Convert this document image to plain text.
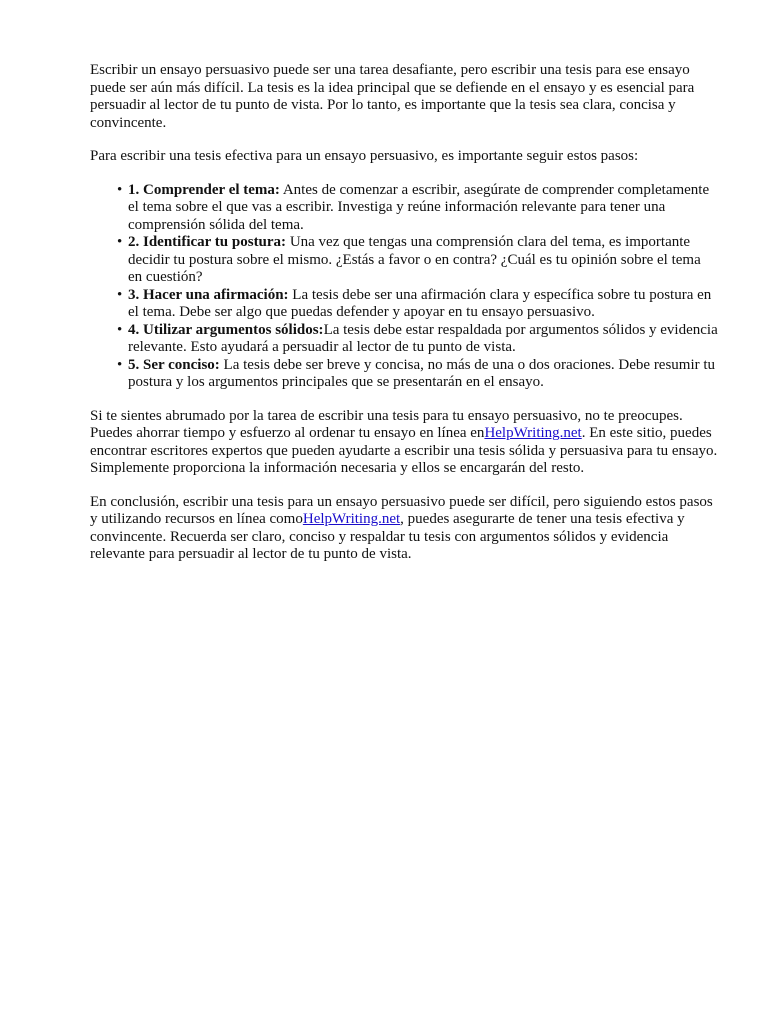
Escribir un ensayo persuasivo puede ser una tarea desafiante, pero escribir una tesis para ese ensayo puede ser aún más difícil. La tesis es la idea principal que se defiende en el ensayo y es esencial para persuadir al lector de tu punto de vista. Por lo tanto, es importante que la tesis sea clara, concisa y convincente.

Para escribir una tesis efectiva para un ensayo persuasivo, es importante seguir estos pasos:

• 1. Comprender el tema: Antes de comenzar a escribir, asegúrate de comprender completamente el tema sobre el que vas a escribir. Investiga y reúne información relevante para tener una comprensión sólida del tema.
• 2. Identificar tu postura: Una vez que tengas una comprensión clara del tema, es importante decidir tu postura sobre el mismo. ¿Estás a favor o en contra? ¿Cuál es tu opinión sobre el tema en cuestión?
• 3. Hacer una afirmación: La tesis debe ser una afirmación clara y específica sobre tu postura en el tema. Debe ser algo que puedas defender y apoyar en tu ensayo persuasivo.
• 4. Utilizar argumentos sólidos:La tesis debe estar respaldada por argumentos sólidos y evidencia relevante. Esto ayudará a persuadir al lector de tu punto de vista.
• 5. Ser conciso: La tesis debe ser breve y concisa, no más de una o dos oraciones. Debe resumir tu postura y los argumentos principales que se presentarán en el ensayo.

Si te sientes abrumado por la tarea de escribir una tesis para tu ensayo persuasivo, no te preocupes. Puedes ahorrar tiempo y esfuerzo al ordenar tu ensayo en línea enHelpWriting.net. En este sitio, puedes encontrar escritores expertos que pueden ayudarte a escribir una tesis sólida y persuasiva para tu ensayo. Simplemente proporciona la información necesaria y ellos se encargarán del resto.

En conclusión, escribir una tesis para un ensayo persuasivo puede ser difícil, pero siguiendo estos pasos y utilizando recursos en línea comoHelpWriting.net, puedes asegurarte de tener una tesis efectiva y convincente. Recuerda ser claro, conciso y respaldar tu tesis con argumentos sólidos y evidencia relevante para persuadir al lector de tu punto de vista.
